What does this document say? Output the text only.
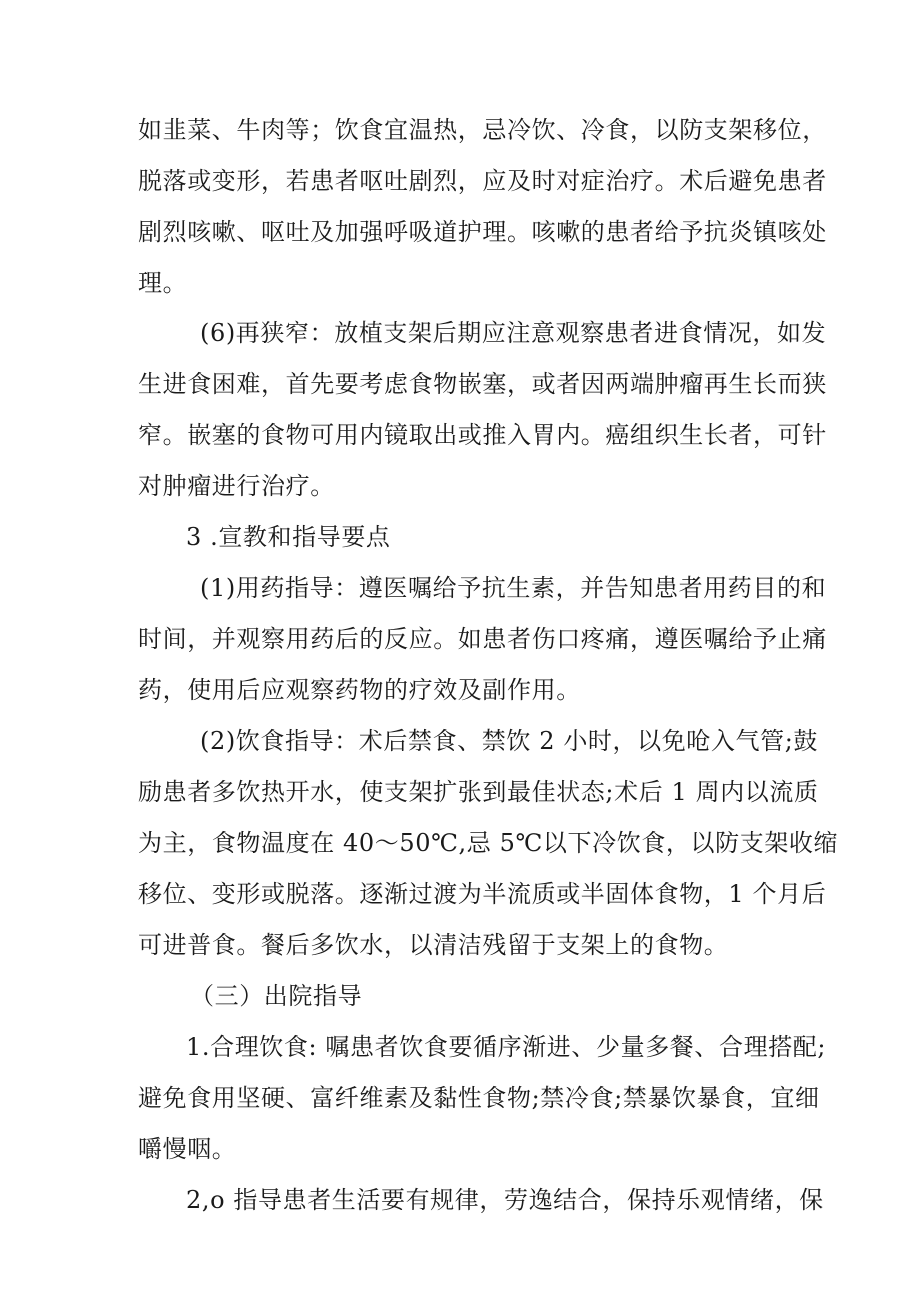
如韭菜、牛肉等；饮食宜温热，忌冷饮、冷食，以防支架移位，
脱落或变形，若患者呕吐剧烈，应及时对症治疗。术后避免患者
剧烈咳嗽、呕吐及加强呼吸道护理。咳嗽的患者给予抗炎镇咳处
理。
(6)再狭窄：放植支架后期应注意观察患者进食情况，如发
生进食困难，首先要考虑食物嵌塞，或者因两端肿瘤再生长而狭
窄。嵌塞的食物可用内镜取出或推入胃内。癌组织生长者，可针
对肿瘤进行治疗。
3 .宣教和指导要点
(1)用药指导：遵医嘱给予抗生素，并告知患者用药目的和
时间，并观察用药后的反应。如患者伤口疼痛，遵医嘱给予止痛
药，使用后应观察药物的疗效及副作用。
(2)饮食指导：术后禁食、禁饮 2 小时，以免呛入气管;鼓
励患者多饮热开水，使支架扩张到最佳状态;术后 1 周内以流质
为主，食物温度在 40～50℃,忌 5℃以下冷饮食，以防支架收缩
移位、变形或脱落。逐渐过渡为半流质或半固体食物，1 个月后
可进普食。餐后多饮水，以清洁残留于支架上的食物。
（三）出院指导
1.合理饮食: 嘱患者饮食要循序渐进、少量多餐、合理搭配;
避免食用坚硬、富纤维素及黏性食物;禁冷食;禁暴饮暴食，宜细
嚼慢咽。
2,o 指导患者生活要有规律，劳逸结合，保持乐观情绪，保
